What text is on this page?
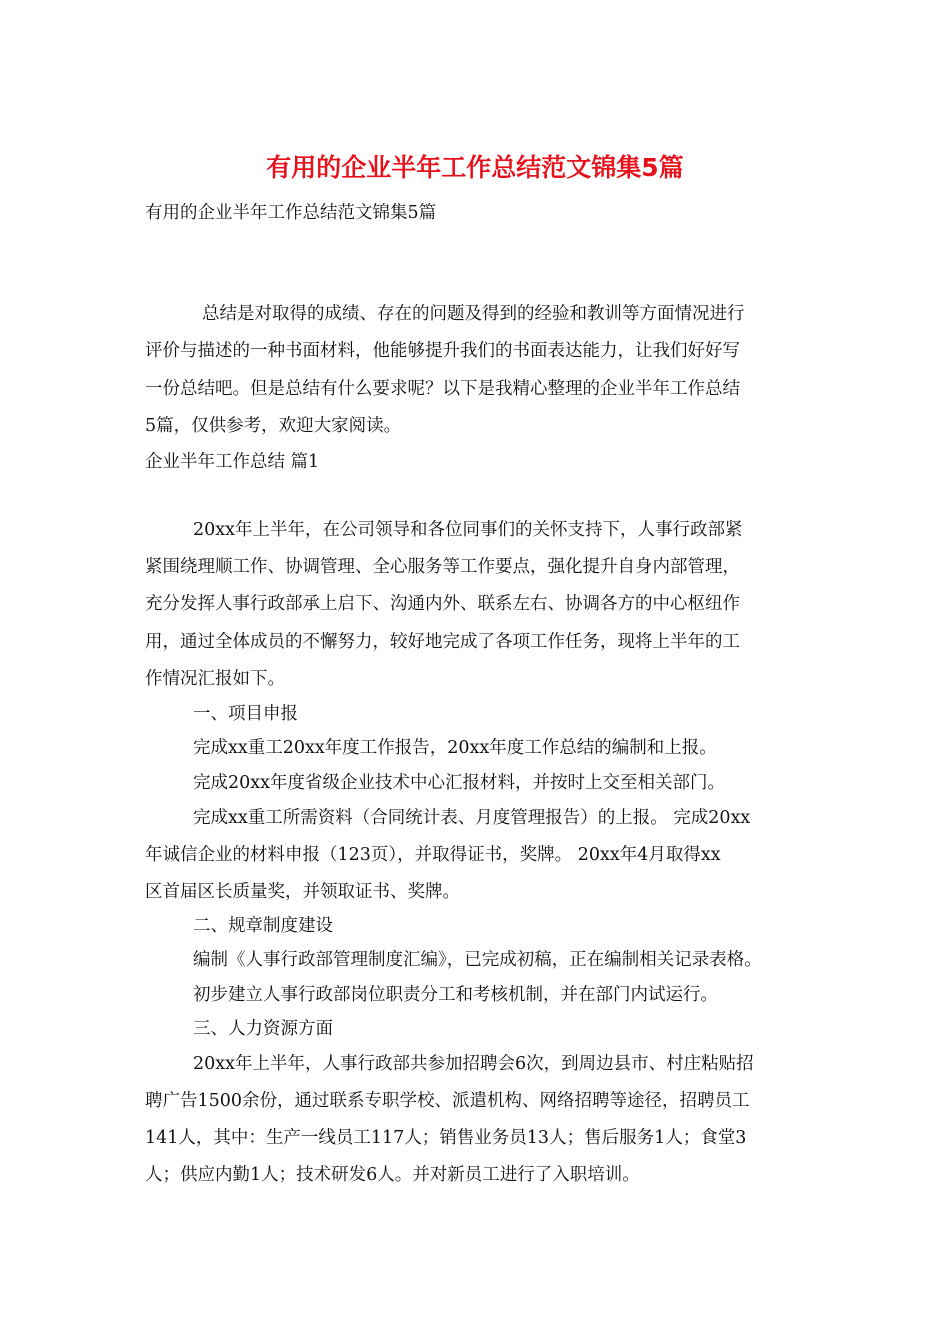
有用的企业半年工作总结范文锦集5篇
有用的企业半年工作总结范文锦集5篇
总结是对取得的成绩、存在的问题及得到的经验和教训等方面情况进行
评价与描述的一种书面材料，他能够提升我们的书面表达能力，让我们好好写
一份总结吧。但是总结有什么要求呢？以下是我精心整理的企业半年工作总结
5篇，仅供参考，欢迎大家阅读。
企业半年工作总结 篇1
20xx年上半年，在公司领导和各位同事们的关怀支持下，人事行政部紧
紧围绕理顺工作、协调管理、全心服务等工作要点，强化提升自身内部管理，
充分发挥人事行政部承上启下、沟通内外、联系左右、协调各方的中心枢纽作
用，通过全体成员的不懈努力，较好地完成了各项工作任务，现将上半年的工
作情况汇报如下。
一、项目申报
完成xx重工20xx年度工作报告，20xx年度工作总结的编制和上报。
完成20xx年度省级企业技术中心汇报材料，并按时上交至相关部门。
完成xx重工所需资料（合同统计表、月度管理报告）的上报。 完成20xx
年诚信企业的材料申报（123页），并取得证书，奖牌。 20xx年4月取得xx
区首届区长质量奖，并领取证书、奖牌。
二、规章制度建设
编制《人事行政部管理制度汇编》，已完成初稿，正在编制相关记录表格。
初步建立人事行政部岗位职责分工和考核机制，并在部门内试运行。
三、人力资源方面
20xx年上半年，人事行政部共参加招聘会6次，到周边县市、村庄粘贴招
聘广告1500余份，通过联系专职学校、派遣机构、网络招聘等途径，招聘员工
141人，其中：生产一线员工117人；销售业务员13人；售后服务1人；食堂3
人；供应内勤1人；技术研发6人。并对新员工进行了入职培训。
